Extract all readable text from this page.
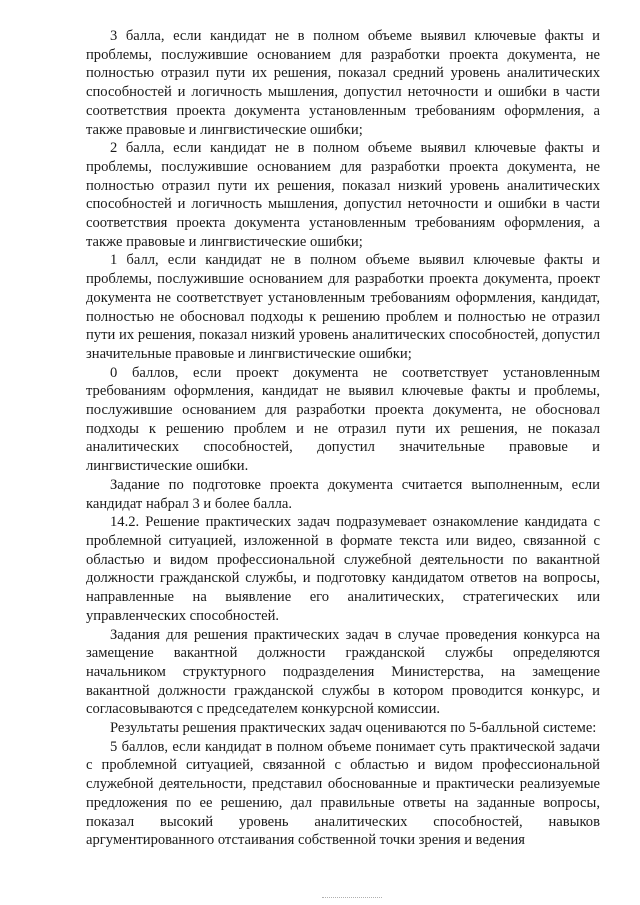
3 балла, если кандидат не в полном объеме выявил ключевые факты и проблемы, послужившие основанием для разработки проекта документа, не полностью отразил пути их решения, показал средний уровень аналитических способностей и логичность мышления, допустил неточности и ошибки в части соответствия проекта документа установленным требованиям оформления, а также правовые и лингвистические ошибки;

2 балла, если кандидат не в полном объеме выявил ключевые факты и проблемы, послужившие основанием для разработки проекта документа, не полностью отразил пути их решения, показал низкий уровень аналитических способностей и логичность мышления, допустил неточности и ошибки в части соответствия проекта документа установленным требованиям оформления, а также правовые и лингвистические ошибки;

1 балл, если кандидат не в полном объеме выявил ключевые факты и проблемы, послужившие основанием для разработки проекта документа, проект документа не соответствует установленным требованиям оформления, кандидат, полностью не обосновал подходы к решению проблем и полностью не отразил пути их решения, показал низкий уровень аналитических способностей, допустил значительные правовые и лингвистические ошибки;

0 баллов, если проект документа не соответствует установленным требованиям оформления, кандидат не выявил ключевые факты и проблемы, послужившие основанием для разработки проекта документа, не обосновал подходы к решению проблем и не отразил пути их решения, не показал аналитических способностей, допустил значительные правовые и лингвистические ошибки.

Задание по подготовке проекта документа считается выполненным, если кандидат набрал 3 и более балла.

14.2. Решение практических задач подразумевает ознакомление кандидата с проблемной ситуацией, изложенной в формате текста или видео, связанной с областью и видом профессиональной служебной деятельности по вакантной должности гражданской службы, и подготовку кандидатом ответов на вопросы, направленные на выявление его аналитических, стратегических или управленческих способностей.

Задания для решения практических задач в случае проведения конкурса на замещение вакантной должности гражданской службы определяются начальником структурного подразделения Министерства, на замещение вакантной должности гражданской службы в котором проводится конкурс, и согласовываются с председателем конкурсной комиссии.

Результаты решения практических задач оцениваются по 5-балльной системе:

5 баллов, если кандидат в полном объеме понимает суть практической задачи с проблемной ситуацией, связанной с областью и видом профессиональной служебной деятельности, представил обоснованные и практически реализуемые предложения по ее решению, дал правильные ответы на заданные вопросы, показал высокий уровень аналитических способностей, навыков аргументированного отстаивания собственной точки зрения и ведения
